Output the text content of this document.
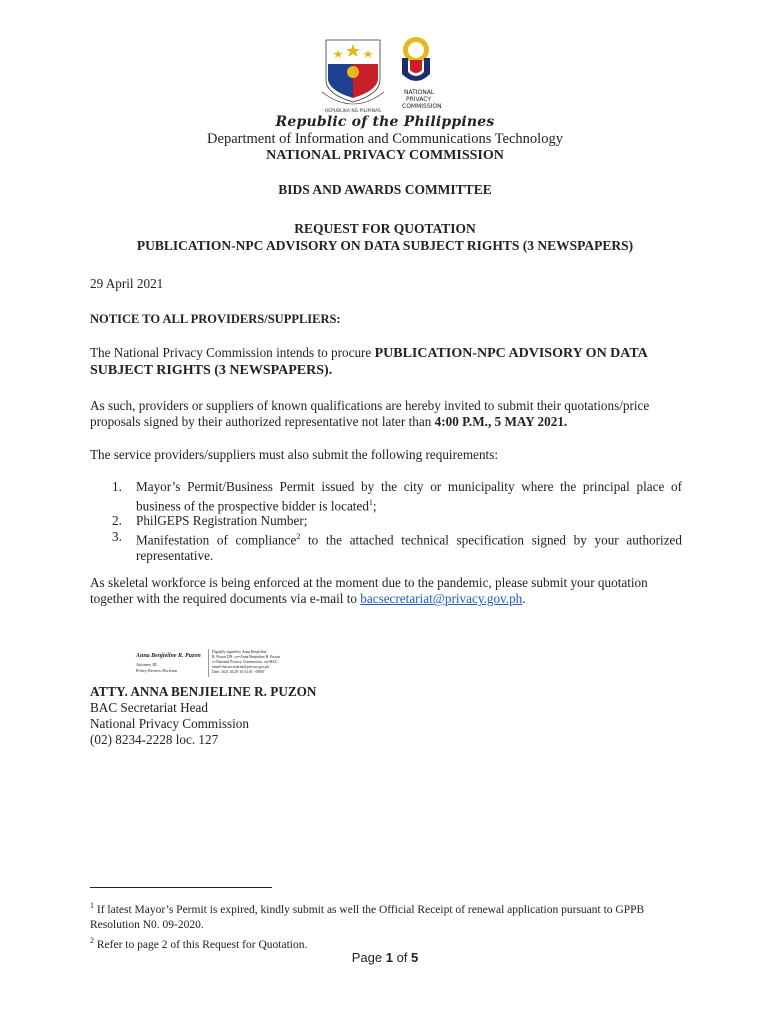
REPUBLIKA NG PILIPINAS
NATIONAL
PRIVACY
COMMISSION
Republic of the Philippines
Department of Information and Communications Technology
NATIONAL PRIVACY COMMISSION
BIDS AND AWARDS COMMITTEE
REQUEST FOR QUOTATION
PUBLICATION-NPC ADVISORY ON DATA SUBJECT RIGHTS (3 NEWSPAPERS)
29 April 2021
NOTICE TO ALL PROVIDERS/SUPPLIERS:
The National Privacy Commission intends to procure PUBLICATION-NPC ADVISORY ON DATA SUBJECT RIGHTS (3 NEWSPAPERS).
As such, providers or suppliers of known qualifications are hereby invited to submit their quotations/price proposals signed by their authorized representative not later than 4:00 P.M., 5 MAY 2021.
The service providers/suppliers must also submit the following requirements:
1. Mayor’s Permit/Business Permit issued by the city or municipality where the principal place of business of the prospective bidder is located$^1$;
2. PhilGEPS Registration Number;
3. Manifestation of compliance$^2$ to the attached technical specification signed by your authorized representative.
As skeletal workforce is being enforced at the moment due to the pandemic, please submit your quotation together with the required documents via e-mail to bacsecretariat@privacy.gov.ph.
Anna Benjieline R. Puzon
Attorney III
Policy Review Division
Digitally signed by Anna Benjieline
R. Puzon DN: cn=Anna Benjieline R. Puzon
o=National Privacy Commission, ou=BAC
email=bacsecretariat@privacy.gov.ph
Date: 2021.04.29 16:33:01 +08'00'
ATTY. ANNA BENJIELINE R. PUZON
BAC Secretariat Head
National Privacy Commission
(02) 8234-2228 loc. 127
$^1$ If latest Mayor’s Permit is expired, kindly submit as well the Official Receipt of renewal application pursuant to GPPB Resolution N0. 09-2020.
$^2$ Refer to page 2 of this Request for Quotation.
Page 1 of 5
